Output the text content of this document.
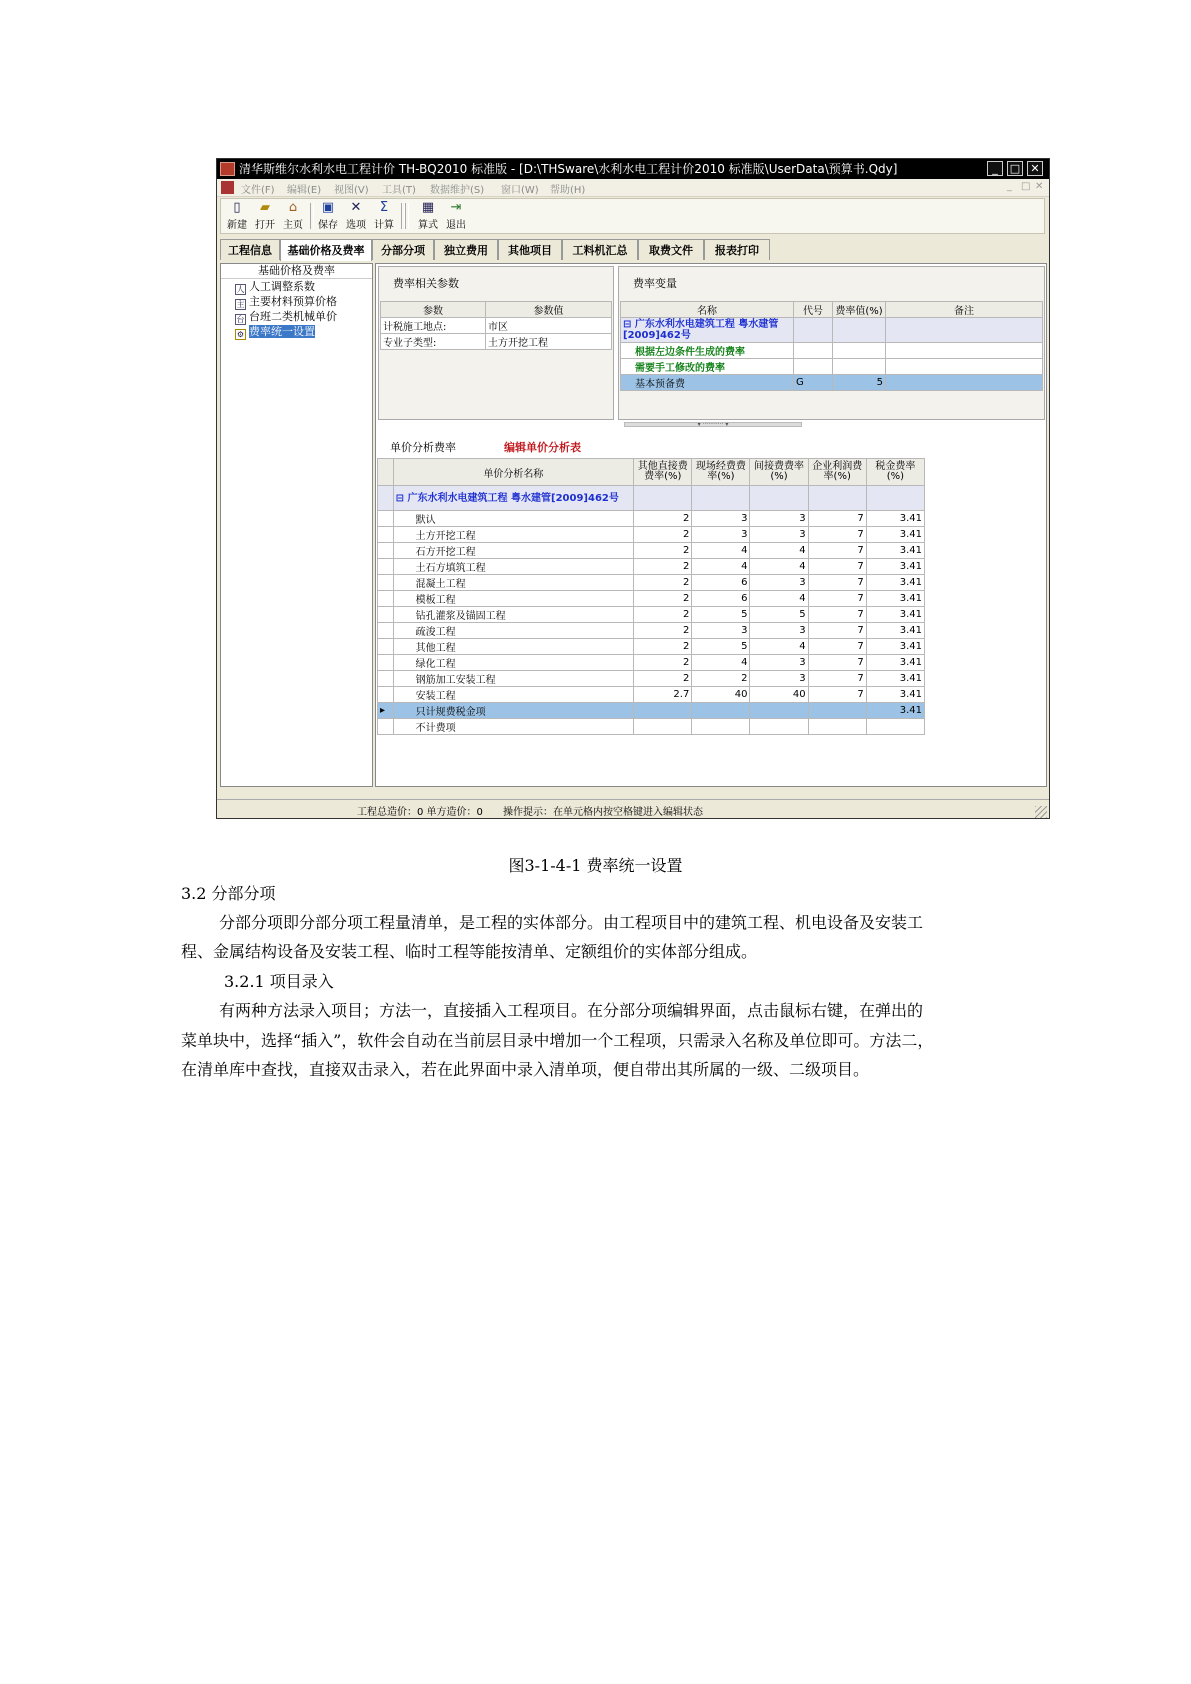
清华斯维尔水利水电工程计价 TH-BQ2010 标准版 - [D:\THSware\水利水电工程计价2010 标准版\UserData\预算书.Qdy]	_	□ ✕
文件(F) 编辑(E) 视图(V) 工具(T) 数据维护(S) 窗口(W) 帮助(H)	_ □ ✕
▯
新建
▰
打开
⌂
主页
▣
保存
✕
选项
Σ
计算
▦
算式
⇥
退出
工程信息	基础价格及费率	分部分项	独立费用	其他项目	工料机汇总	取费文件	报表打印
基础价格及费率
人 人工调整系数
主 主要材料预算价格
台 台班二类机械单价
⚙ 费率统一设置
费率相关参数
参数	参数值
计税施工地点:	市区
专业子类型:	土方开挖工程
费率变量
名称	代号	费率值(%)	备注
⊟ 广东水利水电建筑工程 粤水建管[2009]462号			
根据左边条件生成的费率			
需要手工修改的费率			
基本预备费	G	5	
▾ ··········· ▾
单价分析费率	编辑单价分析表
	单价分析名称	其他直接费费率(%)	现场经费费率(%)	间接费费率(%)	企业利润费率(%)	税金费率(%)
	⊟ 广东水利水电建筑工程 粤水建管[2009]462号					
	默认	2	3	3	7	3.41
	土方开挖工程	2	3	3	7	3.41
	石方开挖工程	2	4	4	7	3.41
	土石方填筑工程	2	4	4	7	3.41
	混凝土工程	2	6	3	7	3.41
	模板工程	2	6	4	7	3.41
	钻孔灌浆及锚固工程	2	5	5	7	3.41
	疏浚工程	2	3	3	7	3.41
	其他工程	2	5	4	7	3.41
	绿化工程	2	4	3	7	3.41
	钢筋加工安装工程	2	2	3	7	3.41
	安装工程	2.7	40	40	7	3.41
▸	只计规费税金项					3.41
	不计费项					
工程总造价：0 单方造价：0 操作提示：在单元格内按空格键进入编辑状态
图3-1-4-1 费率统一设置
3.2 分部分项
分部分项即分部分项工程量清单，是工程的实体部分。由工程项目中的建筑工程、机电设备及安装工
程、金属结构设备及安装工程、临时工程等能按清单、定额组价的实体部分组成。
3.2.1 项目录入
有两种方法录入项目；方法一，直接插入工程项目。在分部分项编辑界面，点击鼠标右键，在弹出的
菜单块中，选择“插入”，软件会自动在当前层目录中增加一个工程项，只需录入名称及单位即可。方法二，
在清单库中查找，直接双击录入，若在此界面中录入清单项，便自带出其所属的一级、二级项目。
